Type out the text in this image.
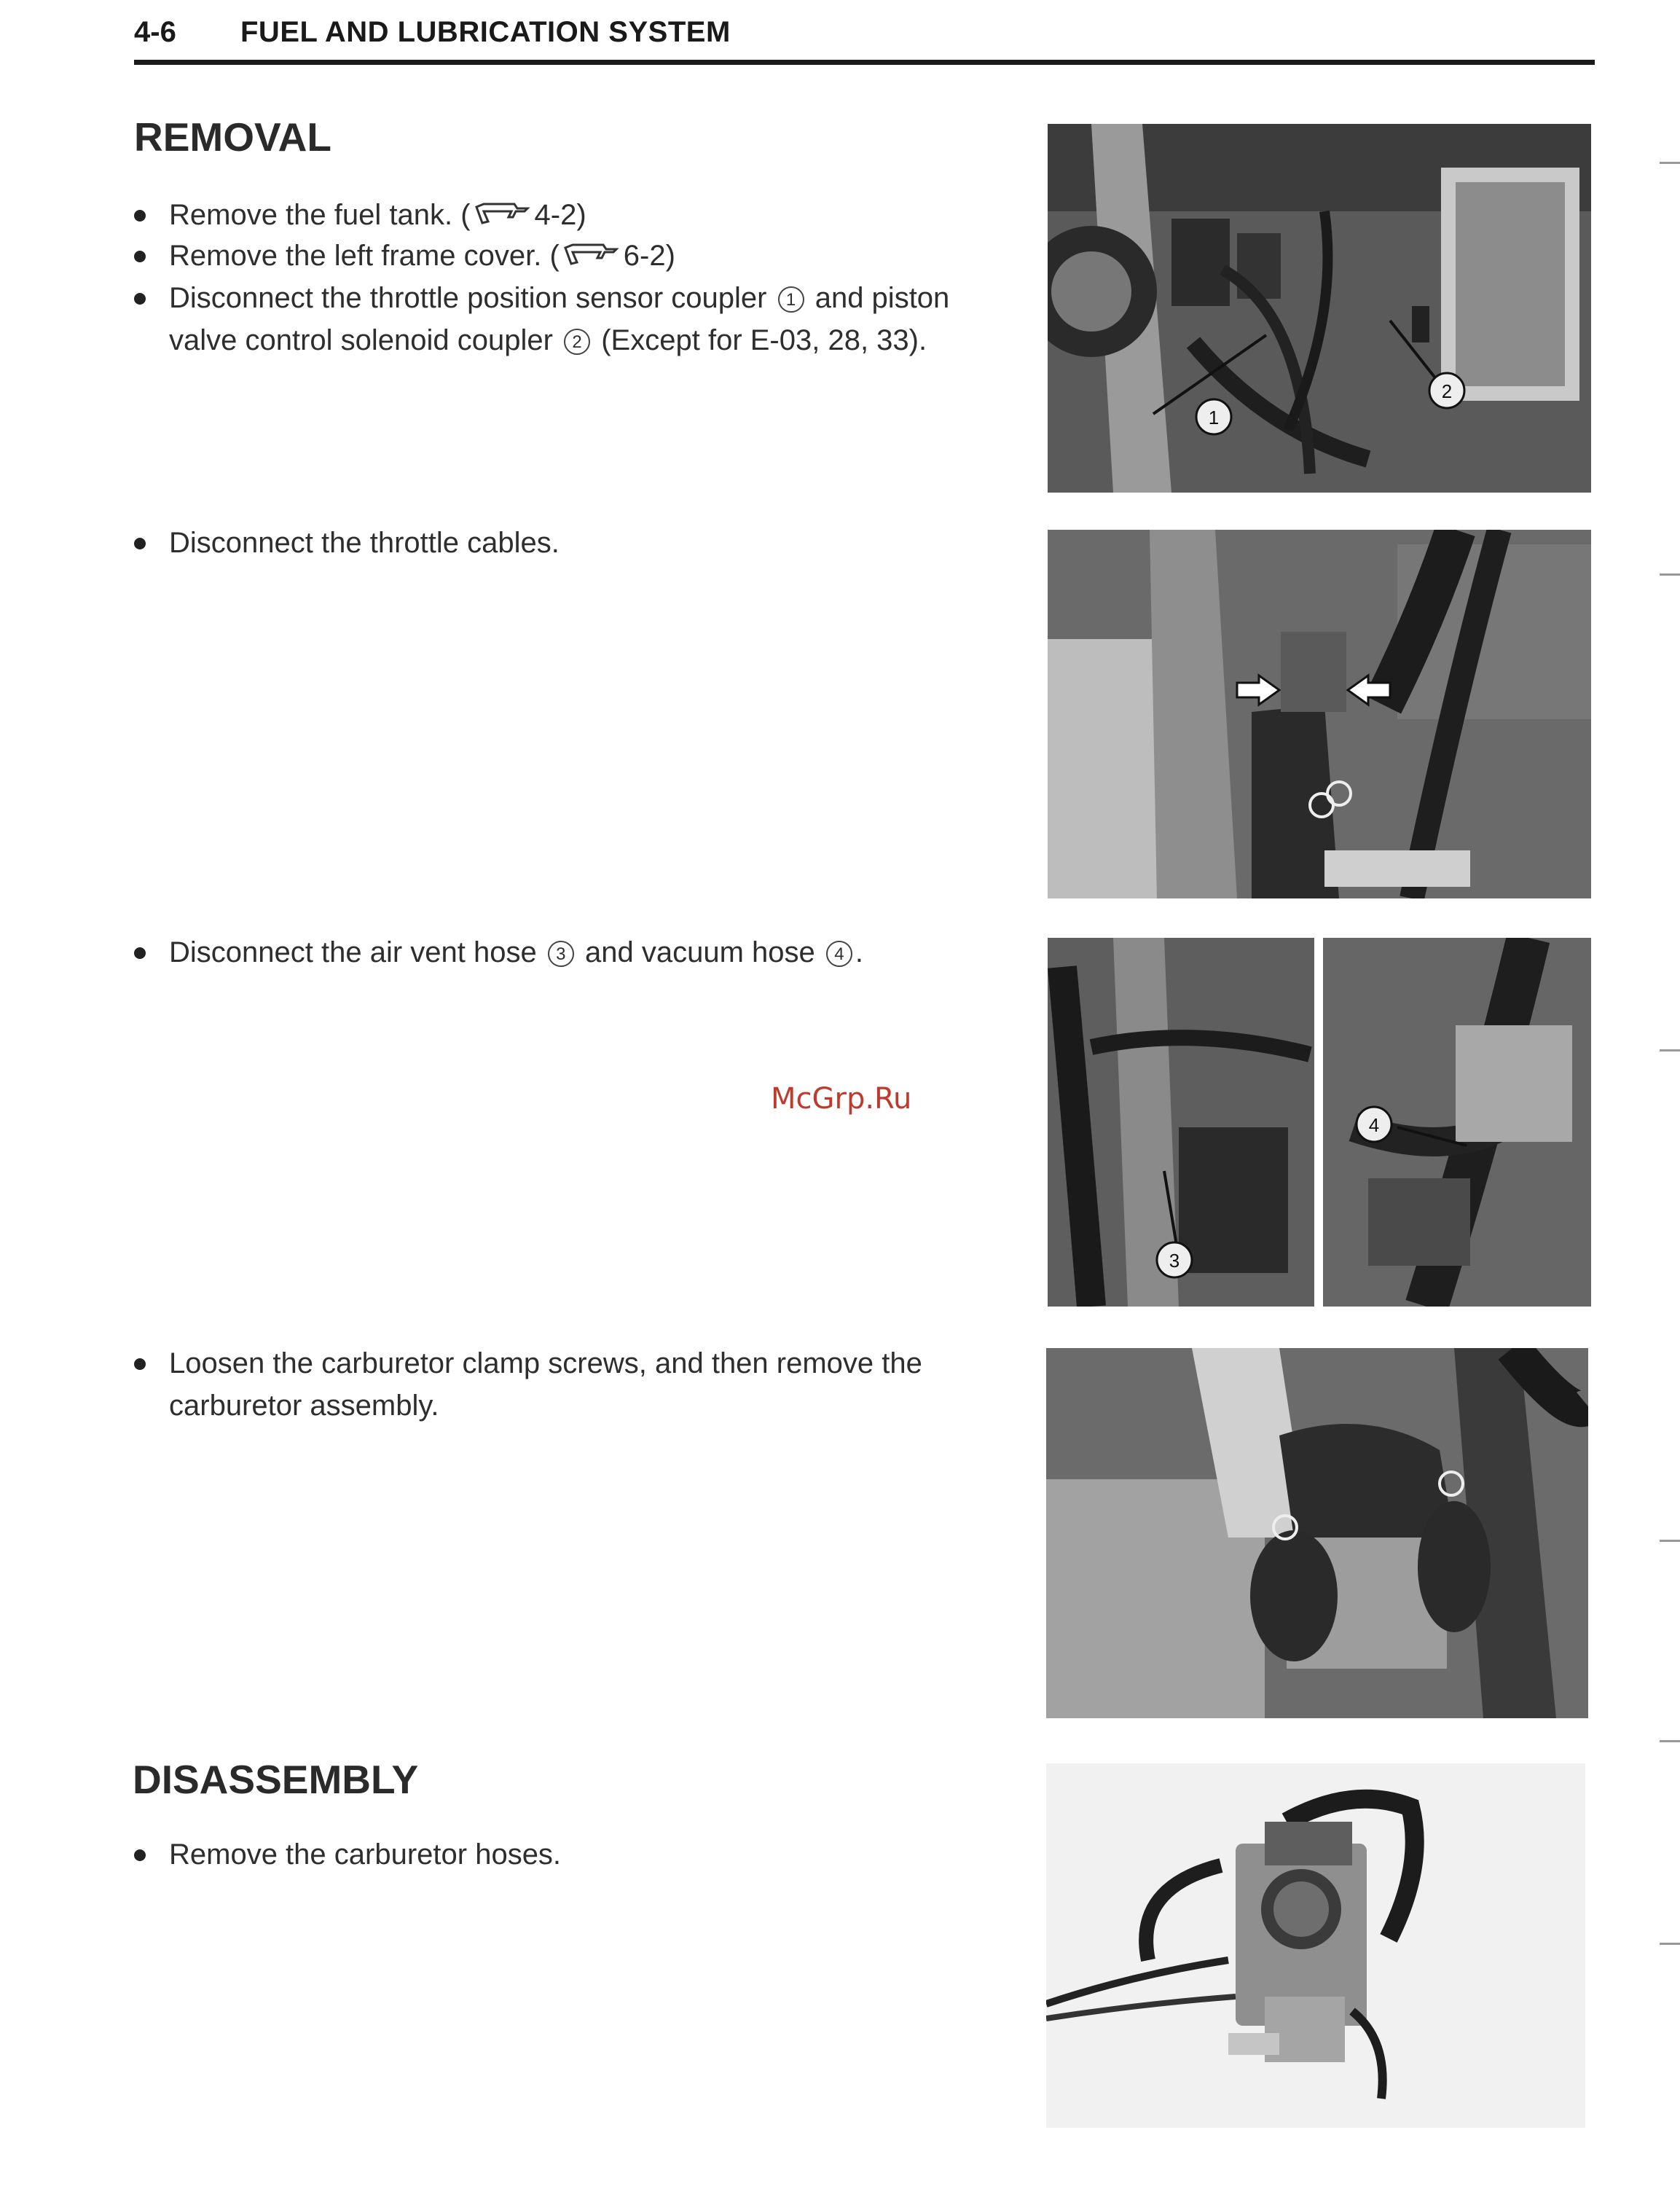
4-6 FUEL AND LUBRICATION SYSTEM
REMOVAL
Remove the fuel tank. ( 4-2)
Remove the left frame cover. ( 6-2)
Disconnect the throttle position sensor coupler 1 and piston valve control solenoid coupler 2 (Except for E-03, 28, 33).
Disconnect the throttle cables.
Disconnect the air vent hose 3 and vacuum hose 4 .
Loosen the carburetor clamp screws, and then remove the carburetor assembly.
DISASSEMBLY
Remove the carburetor hoses.
1
2
3
4
McGrp.Ru
